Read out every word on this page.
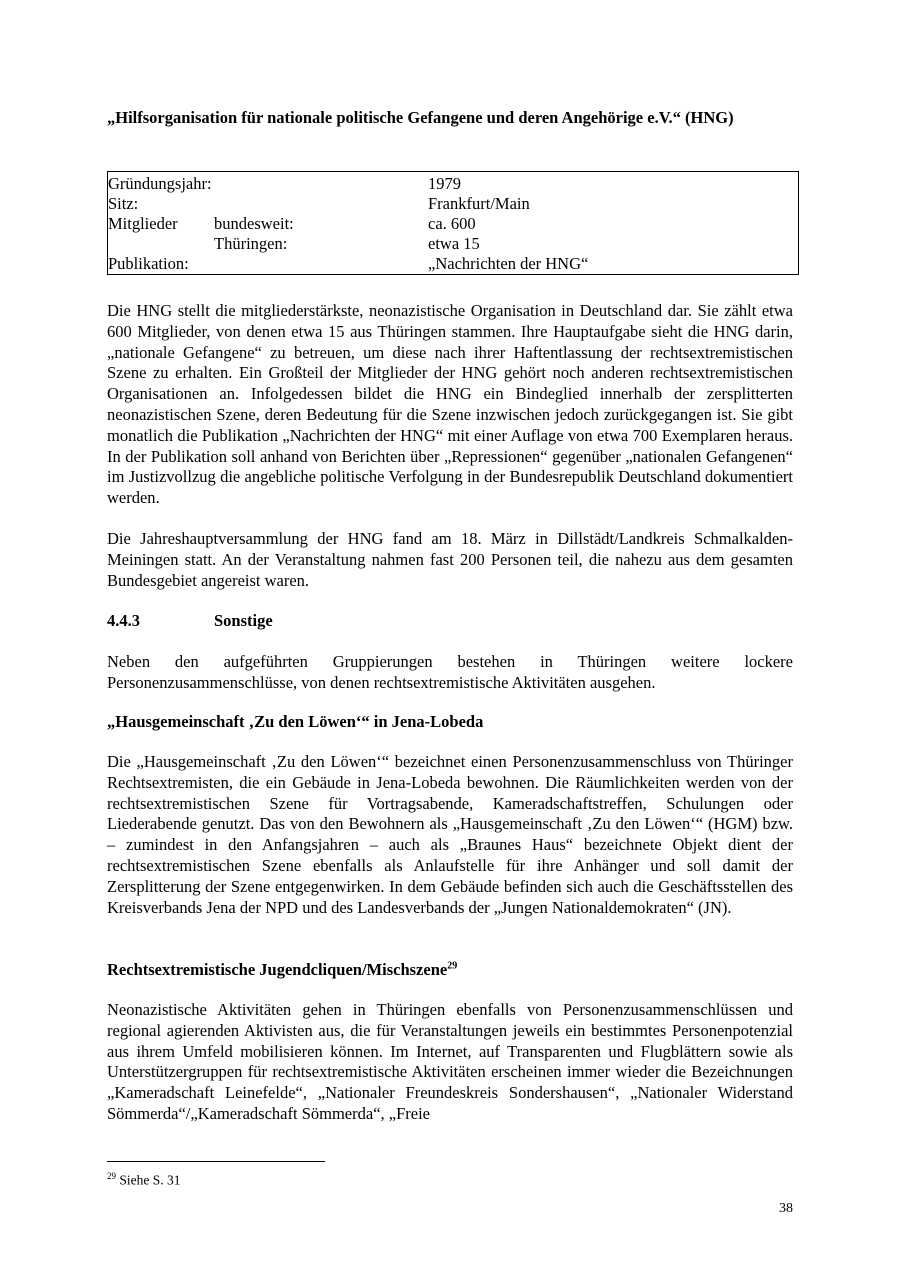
„Hilfsorganisation für nationale politische Gefangene und deren Angehörige e.V.“ (HNG)

Gründungsjahr:	1979
Sitz:	Frankfurt/Main
Mitglieder bundesweit:	ca. 600
Thüringen:	etwa 15
Publikation:	„Nachrichten der HNG“

Die HNG stellt die mitgliederstärkste, neonazistische Organisation in Deutschland dar. Sie zählt etwa 600 Mitglieder, von denen etwa 15 aus Thüringen stammen. Ihre Hauptaufgabe sieht die HNG darin, „nationale Gefangene“ zu betreuen, um diese nach ihrer Haftentlassung der rechtsextremistischen Szene zu erhalten. Ein Großteil der Mitglieder der HNG gehört noch anderen rechtsextremistischen Organisationen an. Infolgedessen bildet die HNG ein Bindeglied innerhalb der zersplitterten neonazistischen Szene, deren Bedeutung für die Szene inzwischen jedoch zurückgegangen ist. Sie gibt monatlich die Publikation „Nachrichten der HNG“ mit einer Auflage von etwa 700 Exemplaren heraus. In der Publikation soll anhand von Berichten über „Repressionen“ gegenüber „nationalen Gefangenen“ im Justizvollzug die angebliche politische Verfolgung in der Bundesrepublik Deutschland dokumentiert werden.

Die Jahreshauptversammlung der HNG fand am 18. März in Dillstädt/Landkreis Schmalkalden-Meiningen statt. An der Veranstaltung nahmen fast 200 Personen teil, die nahezu aus dem gesamten Bundesgebiet angereist waren.

4.4.3	Sonstige

Neben den aufgeführten Gruppierungen bestehen in Thüringen weitere lockere Personenzusammenschlüsse, von denen rechtsextremistische Aktivitäten ausgehen.

„Hausgemeinschaft ‚Zu den Löwen‘“ in Jena-Lobeda

Die „Hausgemeinschaft ‚Zu den Löwen‘“ bezeichnet einen Personenzusammenschluss von Thüringer Rechtsextremisten, die ein Gebäude in Jena-Lobeda bewohnen. Die Räumlichkeiten werden von der rechtsextremistischen Szene für Vortragsabende, Kameradschaftstreffen, Schulungen oder Liederabende genutzt. Das von den Bewohnern als „Hausgemeinschaft ‚Zu den Löwen‘“ (HGM) bzw. – zumindest in den Anfangsjahren – auch als „Braunes Haus“ bezeichnete Objekt dient der rechtsextremistischen Szene ebenfalls als Anlaufstelle für ihre Anhänger und soll damit der Zersplitterung der Szene entgegenwirken. In dem Gebäude befinden sich auch die Geschäftsstellen des Kreisverbands Jena der NPD und des Landesverbands der „Jungen Nationaldemokraten“ (JN).

Rechtsextremistische Jugendcliquen/Mischszene$^{29}$

Neonazistische Aktivitäten gehen in Thüringen ebenfalls von Personenzusammenschlüssen und regional agierenden Aktivisten aus, die für Veranstaltungen jeweils ein bestimmtes Personenpotenzial aus ihrem Umfeld mobilisieren können. Im Internet, auf Transparenten und Flugblättern sowie als Unterstützergruppen für rechtsextremistische Aktivitäten erscheinen immer wieder die Bezeichnungen „Kameradschaft Leinefelde“, „Nationaler Freundeskreis Sondershausen“, „Nationaler Widerstand Sömmerda“/„Kameradschaft Sömmerda“, „Freie

$^{29}$ Siehe S. 31
38
